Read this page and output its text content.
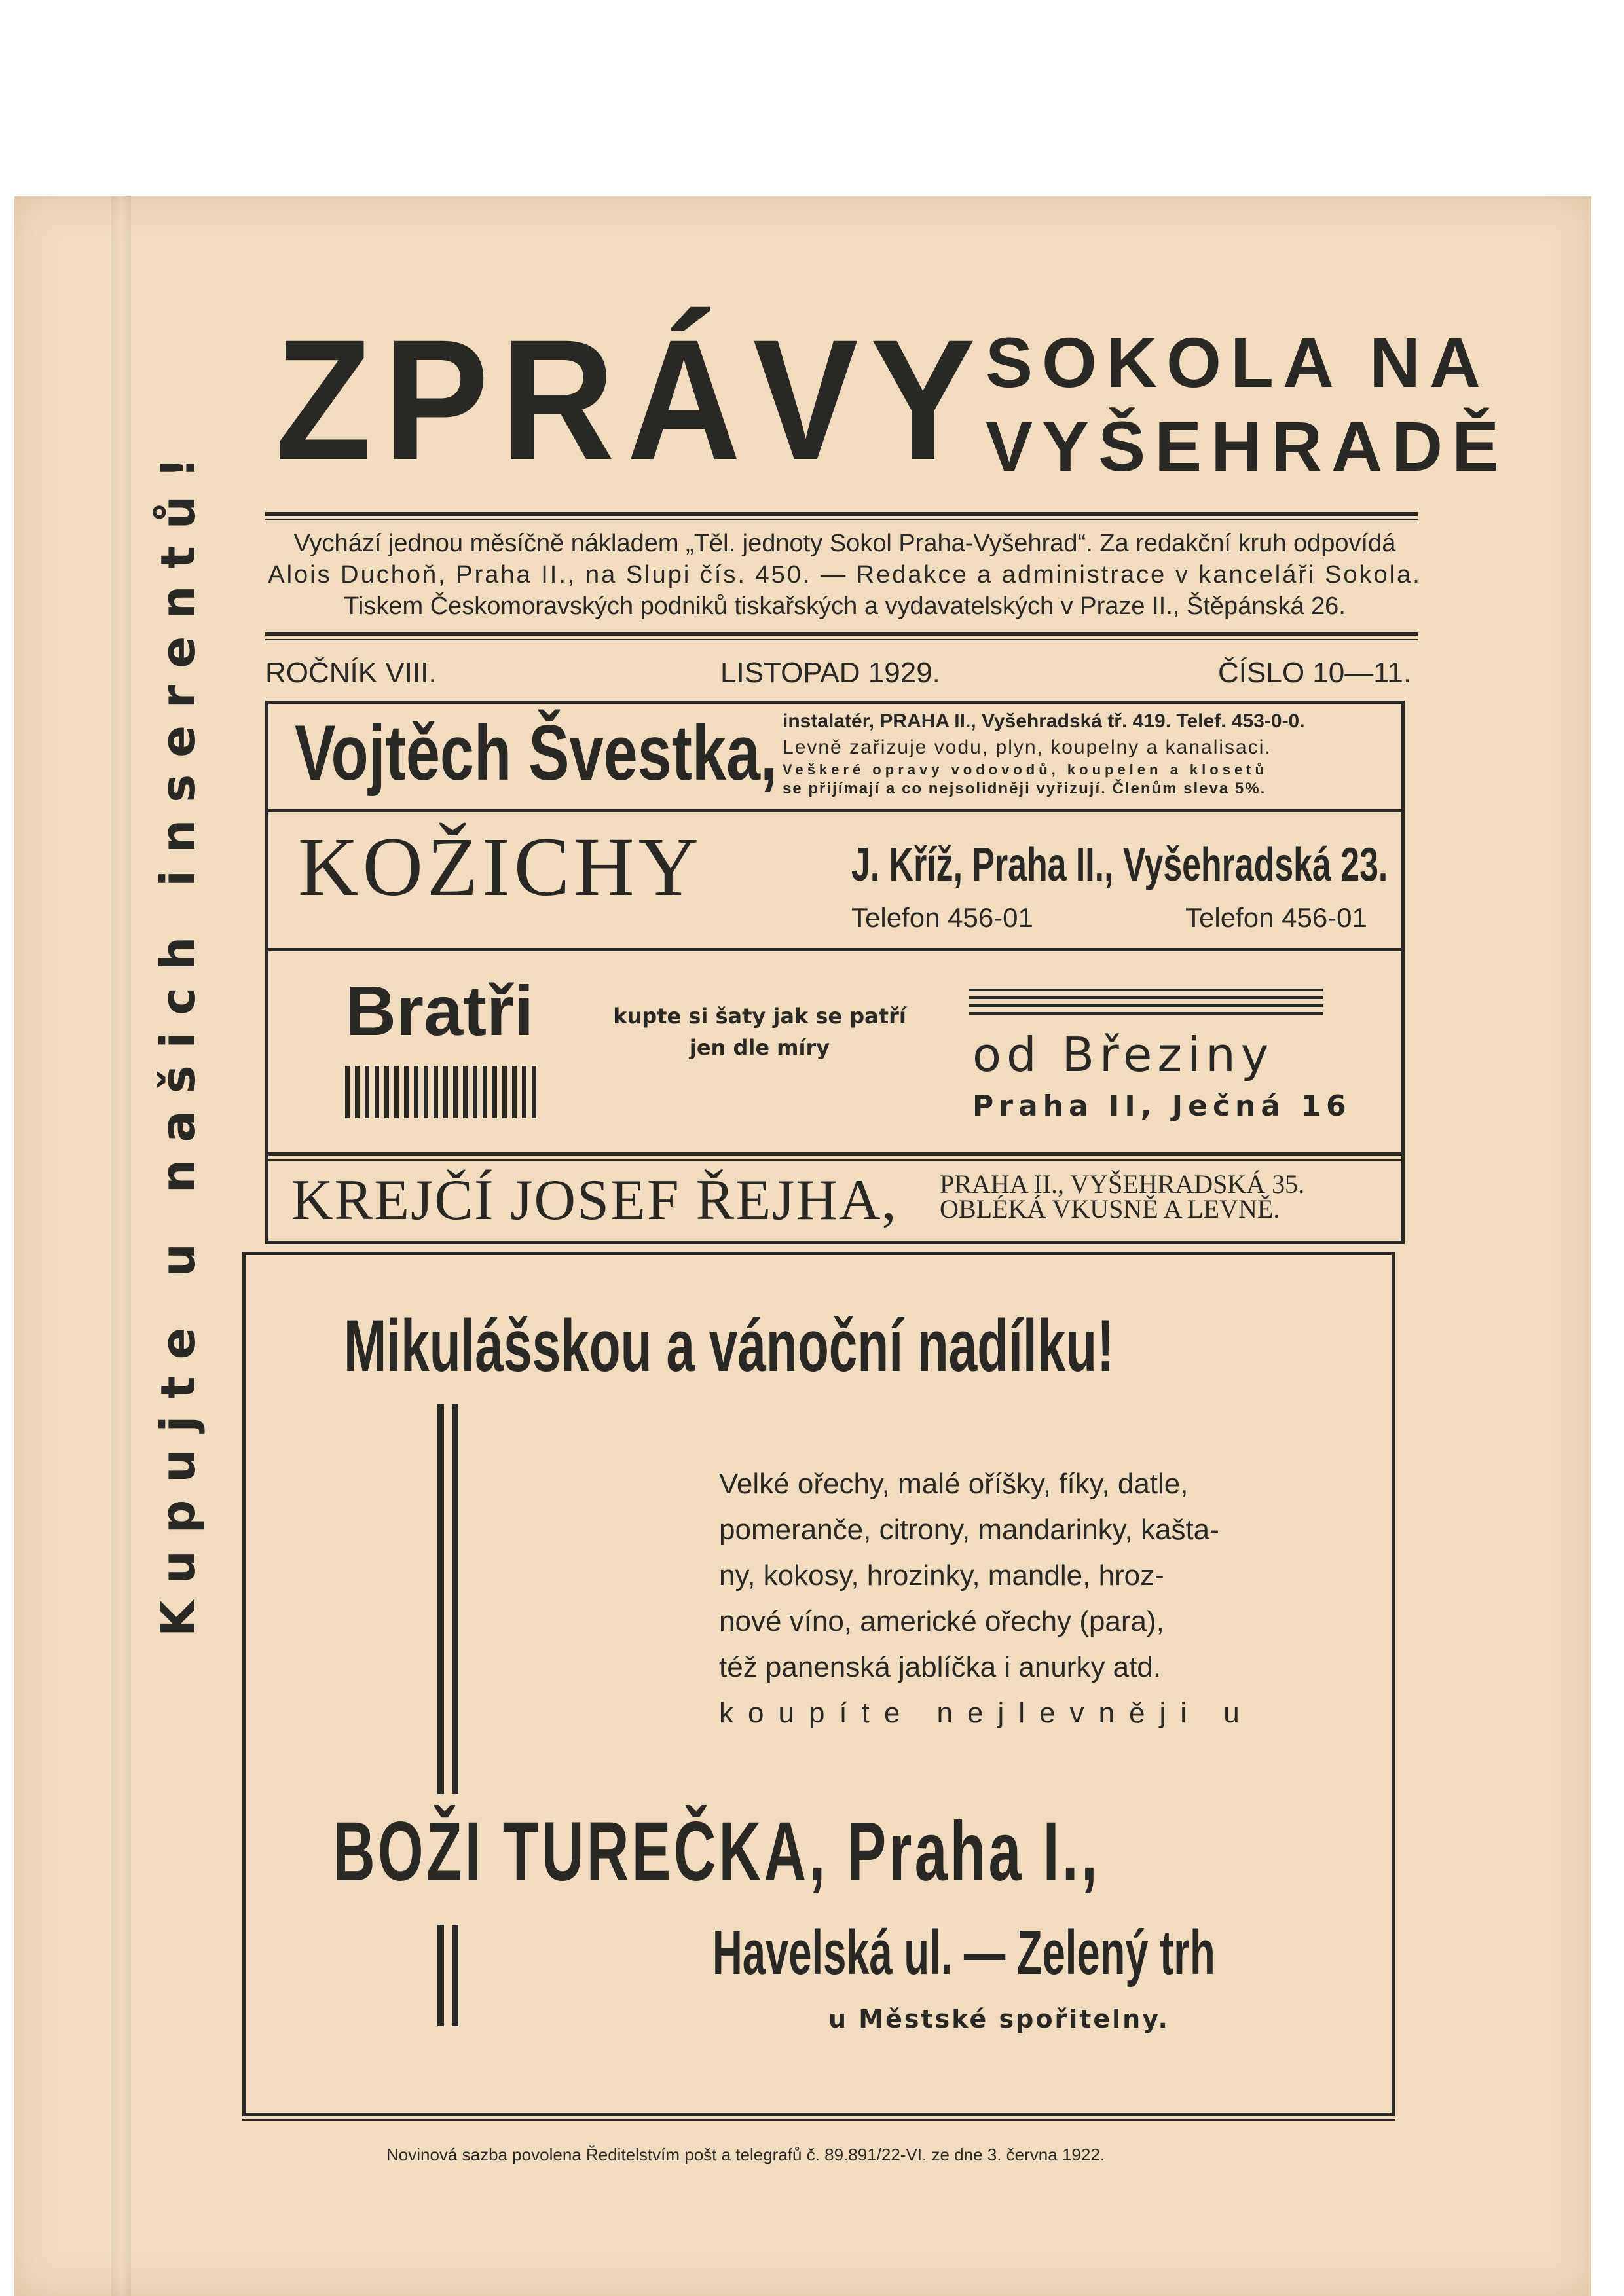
Kupujte u našich inserentů!
ZPRÁVY
SOKOLA NA
VYŠEHRADĚ
Vychází jednou měsíčně nákladem „Těl. jednoty Sokol Praha-Vyšehrad“. Za redakční kruh odpovídá
Alois Duchoň, Praha II., na Slupi čís. 450. — Redakce a administrace v kanceláři Sokola.
Tiskem Českomoravských podniků tiskařských a vydavatelských v Praze II., Štěpánská 26.
ROČNÍK VIII.	LISTOPAD 1929.	ČÍSLO 10—11.
Vojtěch Švestka, instalatér, PRAHA II., Vyšehradská tř. 419. Telef. 453-0-0.
Levně zařizuje vodu, plyn, koupelny a kanalisaci.
Veškeré opravy vodovodů, koupelen a klosetů
se přijímají a co nejsolidněji vyřizují. Členům sleva 5%.
KOŽICHY	J. Kříž, Praha II., Vyšehradská 23.
Telefon 456-01	Telefon 456-01
Bratři	kupte si šaty jak se patří
jen dle míry	od Březiny
Praha II, Ječná 16
KREJČÍ JOSEF ŘEJHA, PRAHA II., VYŠEHRADSKÁ 35.
OBLÉKÁ VKUSNĚ A LEVNĚ.
Mikulášskou a vánoční nadílku!
Velké ořechy, malé oříšky, fíky, datle,
pomeranče, citrony, mandarinky, kašta-
ny, kokosy, hrozinky, mandle, hroz-
nové víno, americké ořechy (para),
též panenská jablíčka i anurky atd.
koupíte nejlevněji u
BOŽI TUREČKA, Praha I.,
Havelská ul. — Zelený trh
u Městské spořitelny.
Novinová sazba povolena Ředitelstvím pošt a telegrafů č. 89.891/22-VI. ze dne 3. června 1922.
